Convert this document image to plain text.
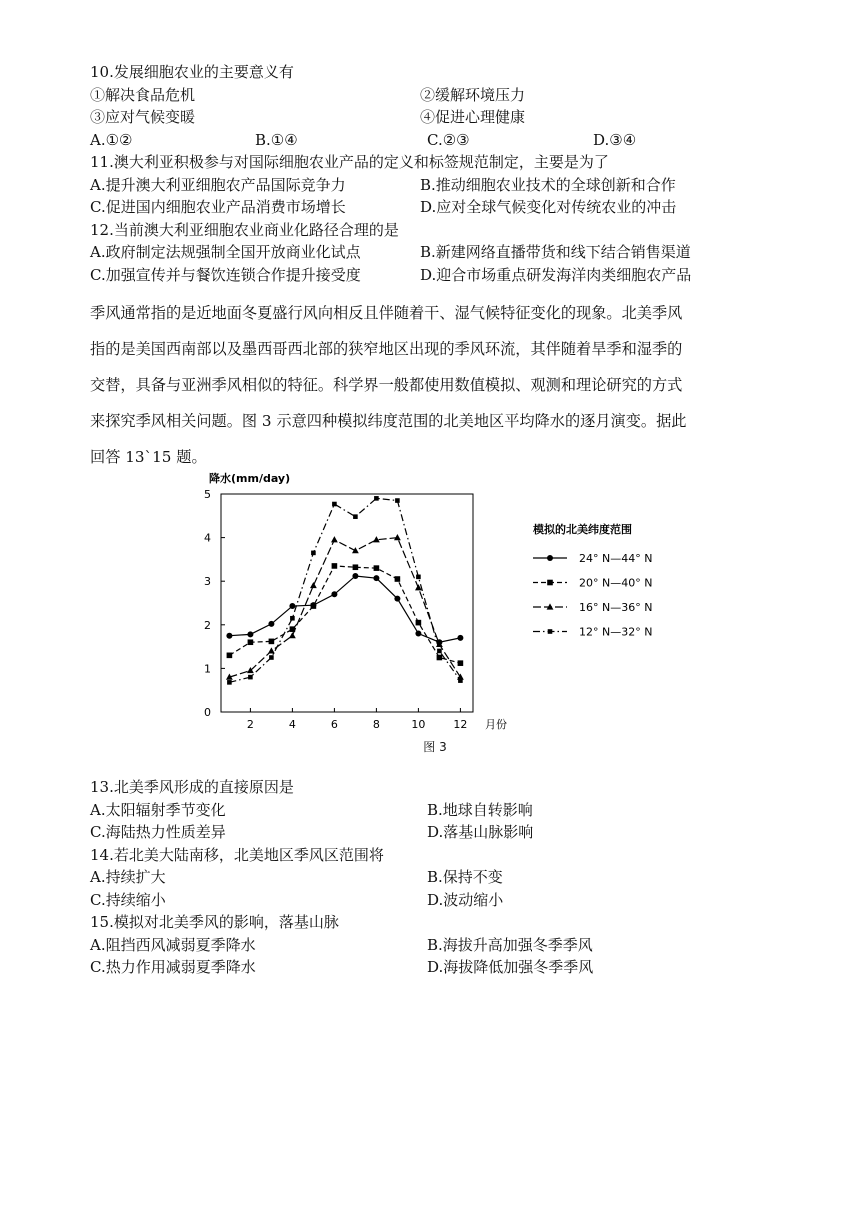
10.发展细胞农业的主要意义有
①解决食品危机	②缓解环境压力
③应对气候变暖	④促进心理健康
A.①②	B.①④	C.②③	D.③④
11.澳大利亚积极参与对国际细胞农业产品的定义和标签规范制定，主要是为了
A.提升澳大利亚细胞农产品国际竞争力	B.推动细胞农业技术的全球创新和合作
C.促进国内细胞农业产品消费市场增长	D.应对全球气候变化对传统农业的冲击
12.当前澳大利亚细胞农业商业化路径合理的是
A.政府制定法规强制全国开放商业化试点	B.新建网络直播带货和线下结合销售渠道
C.加强宣传并与餐饮连锁合作提升接受度	D.迎合市场重点研发海洋肉类细胞农产品

季风通常指的是近地面冬夏盛行风向相反且伴随着干、湿气候特征变化的现象。北美季风

指的是美国西南部以及墨西哥西北部的狭窄地区出现的季风环流，其伴随着旱季和湿季的

交替，具备与亚洲季风相似的特征。科学界一般都使用数值模拟、观测和理论研究的方式

来探究季风相关问题。图 3 示意四种模拟纬度范围的北美地区平均降水的逐月演变。据此

回答 13`15 题。

0
1
2
3
4
5
2	4	6	8	10	12
降水(mm/day)
月份
模拟的北美纬度范围
24° N—44° N
20° N—40° N
16° N—36° N
12° N—32° N
图 3
13.北美季风形成的直接原因是
A.太阳辐射季节变化	B.地球自转影响
C.海陆热力性质差异	D.落基山脉影响
14.若北美大陆南移，北美地区季风区范围将
A.持续扩大	B.保持不变
C.持续缩小	D.波动缩小
15.模拟对北美季风的影响，落基山脉
A.阻挡西风减弱夏季降水	B.海拔升高加强冬季季风
C.热力作用减弱夏季降水	D.海拔降低加强冬季季风
